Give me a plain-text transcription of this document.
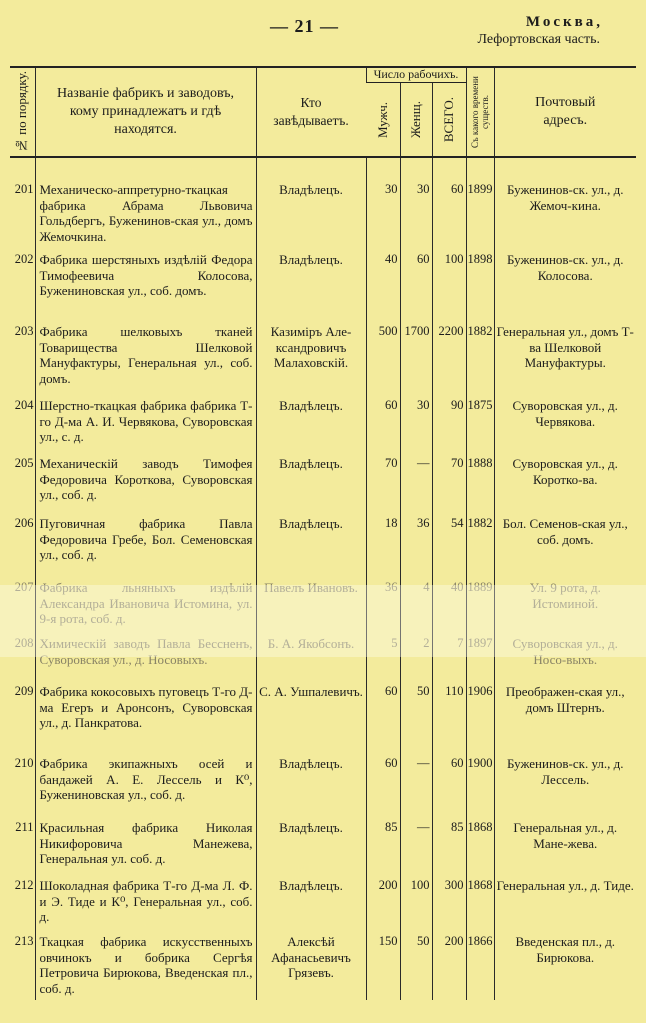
— 21 —	Москва,
Лефортовская часть.
№ по порядку.	Названіе фабрикъ и заводовъ, кому принадлежатъ и гдѣ находятся.	Кто завѣдываетъ.	Число рабочихъ.			Съ какого времени существ.	Почтовый адресъ.

			Мужч.	Женщ.	ВСЕГО.		

201	Механическо-аппретурно-ткацкая фабрика Абрама Львовича Гольдбергъ, Буженинов-ская ул., домъ Жемочкина.	Владѣлецъ.	30	30	60	1899	Буженинов-ск. ул., д. Жемоч-кина.
202	Фабрика шерстяныхъ издѣлій Федора Тимофеевича Колосова, Бужениновская ул., соб. домъ.	Владѣлецъ.	40	60	100	1898	Буженинов-ск. ул., д. Колосова.
203	Фабрика шелковыхъ тканей Товарищества Шелковой Мануфактуры, Генеральная ул., соб. домъ.	Казиміръ Але-ксандровичъ Малаховскій.	500	1700	2200	1882	Генеральная ул., домъ Т-ва Шелковой Мануфактуры.
204	Шерстно-ткацкая фабрика фабрика Т-го Д-ма А. И. Червякова, Суворовская ул., с. д.	Владѣлецъ.	60	30	90	1875	Суворовская ул., д. Червякова.
205	Механическій заводъ Тимофея Федоровича Короткова, Суворовская ул., соб. д.	Владѣлецъ.	70	—	70	1888	Суворовская ул., д. Коротко-ва.
206	Пуговичная фабрика Павла Федоровича Гребе, Бол. Семеновская ул., соб. д.	Владѣлецъ.	18	36	54	1882	Бол. Семенов-ская ул., соб. домъ.
207	Фабрика льняныхъ издѣлій Александра Ивановича Истомина, ул. 9-я рота, соб. д.	Павелъ Ивановъ.	36	4	40	1889	Ул. 9 рота, д. Истоминой.
208	Химическій заводъ Павла Бессненъ, Суворовская ул., д. Носовыхъ.	Б. А. Якобсонъ.	5	2	7	1897	Суворовская ул., д. Носо-выхъ.
209	Фабрика кокосовыхъ пуговецъ Т-го Д-ма Егеръ и Аронсонъ, Суворовская ул., д. Панкратова.	С. А. Ушпалевичъ.	60	50	110	1906	Преображен-ская ул., домъ Штернъ.
210	Фабрика экипажныхъ осей и бандажей А. Е. Лессель и К⁰, Бужениновская ул., соб. д.	Владѣлецъ.	60	—	60	1900	Буженинов-ск. ул., д. Лессель.
211	Красильная фабрика Николая Никифоровича Манежева, Генеральная ул. соб. д.	Владѣлецъ.	85	—	85	1868	Генеральная ул., д. Мане-жева.
212	Шоколадная фабрика Т-го Д-ма Л. Ф. и Э. Тиде и К⁰, Генеральная ул., соб. д.	Владѣлецъ.	200	100	300	1868	Генеральная ул., д. Тиде.
213	Ткацкая фабрика искусственныхъ овчинокъ и бобрика Сергѣя Петровича Бирюкова, Введенская пл., соб. д.	Алексѣй Афанасьевичъ Грязевъ.	150	50	200	1866	Введенская пл., д. Бирюкова.
